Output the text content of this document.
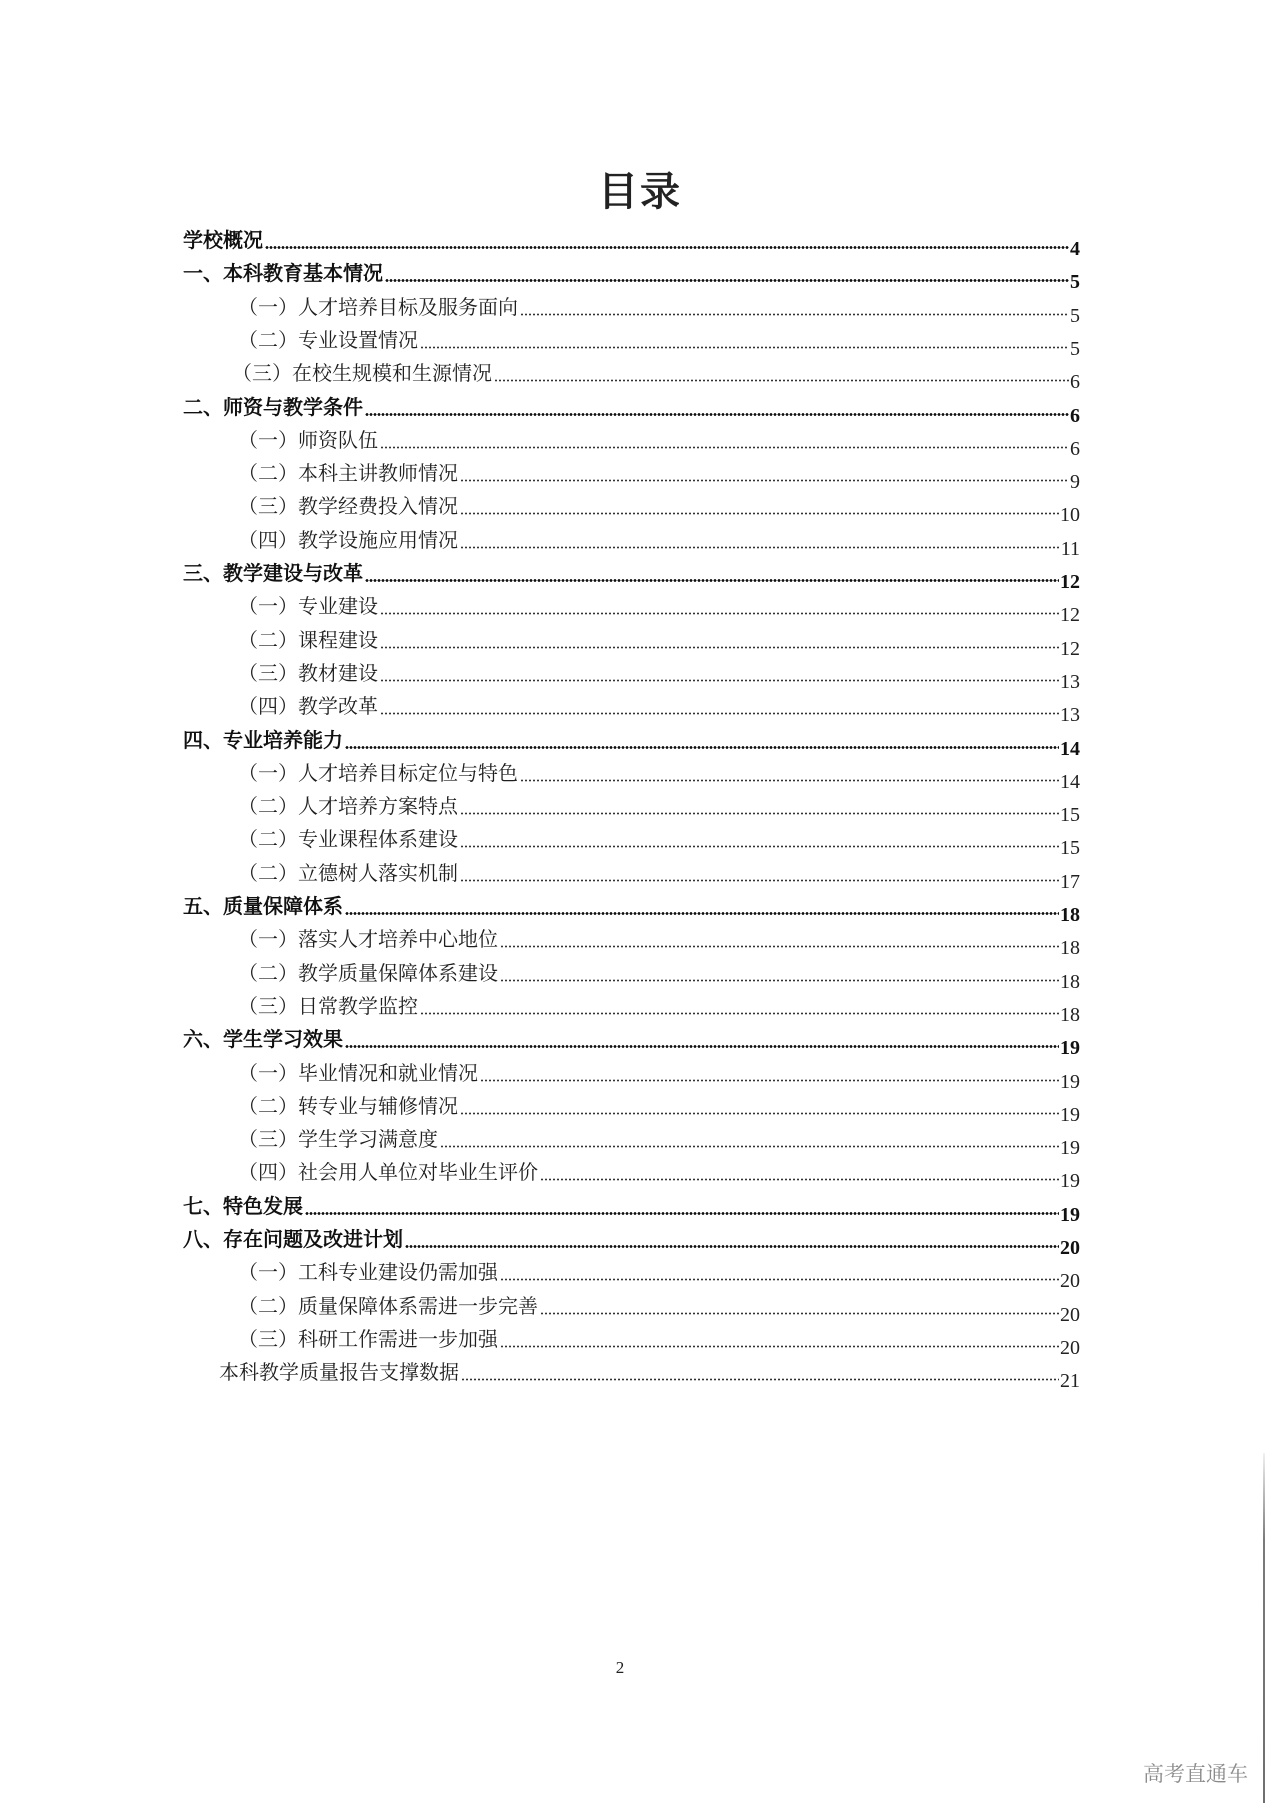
目录
学校概况	4
一、本科教育基本情况	5
（一）人才培养目标及服务面向	5
（二）专业设置情况	5
（三）在校生规模和生源情况	6
二、师资与教学条件	6
（一）师资队伍	6
（二）本科主讲教师情况	9
（三）教学经费投入情况	10
（四）教学设施应用情况	11
三、教学建设与改革	12
（一）专业建设	12
（二）课程建设	12
（三）教材建设	13
（四）教学改革	13
四、专业培养能力	14
（一）人才培养目标定位与特色	14
（二）人才培养方案特点	15
（二）专业课程体系建设	15
（二）立德树人落实机制	17
五、质量保障体系	18
（一）落实人才培养中心地位	18
（二）教学质量保障体系建设	18
（三）日常教学监控	18
六、学生学习效果	19
（一）毕业情况和就业情况	19
（二）转专业与辅修情况	19
（三）学生学习满意度	19
（四）社会用人单位对毕业生评价	19
七、特色发展	19
八、存在问题及改进计划	20
（一）工科专业建设仍需加强	20
（二）质量保障体系需进一步完善	20
（三）科研工作需进一步加强	20
本科教学质量报告支撑数据	21
2
高考直通车
